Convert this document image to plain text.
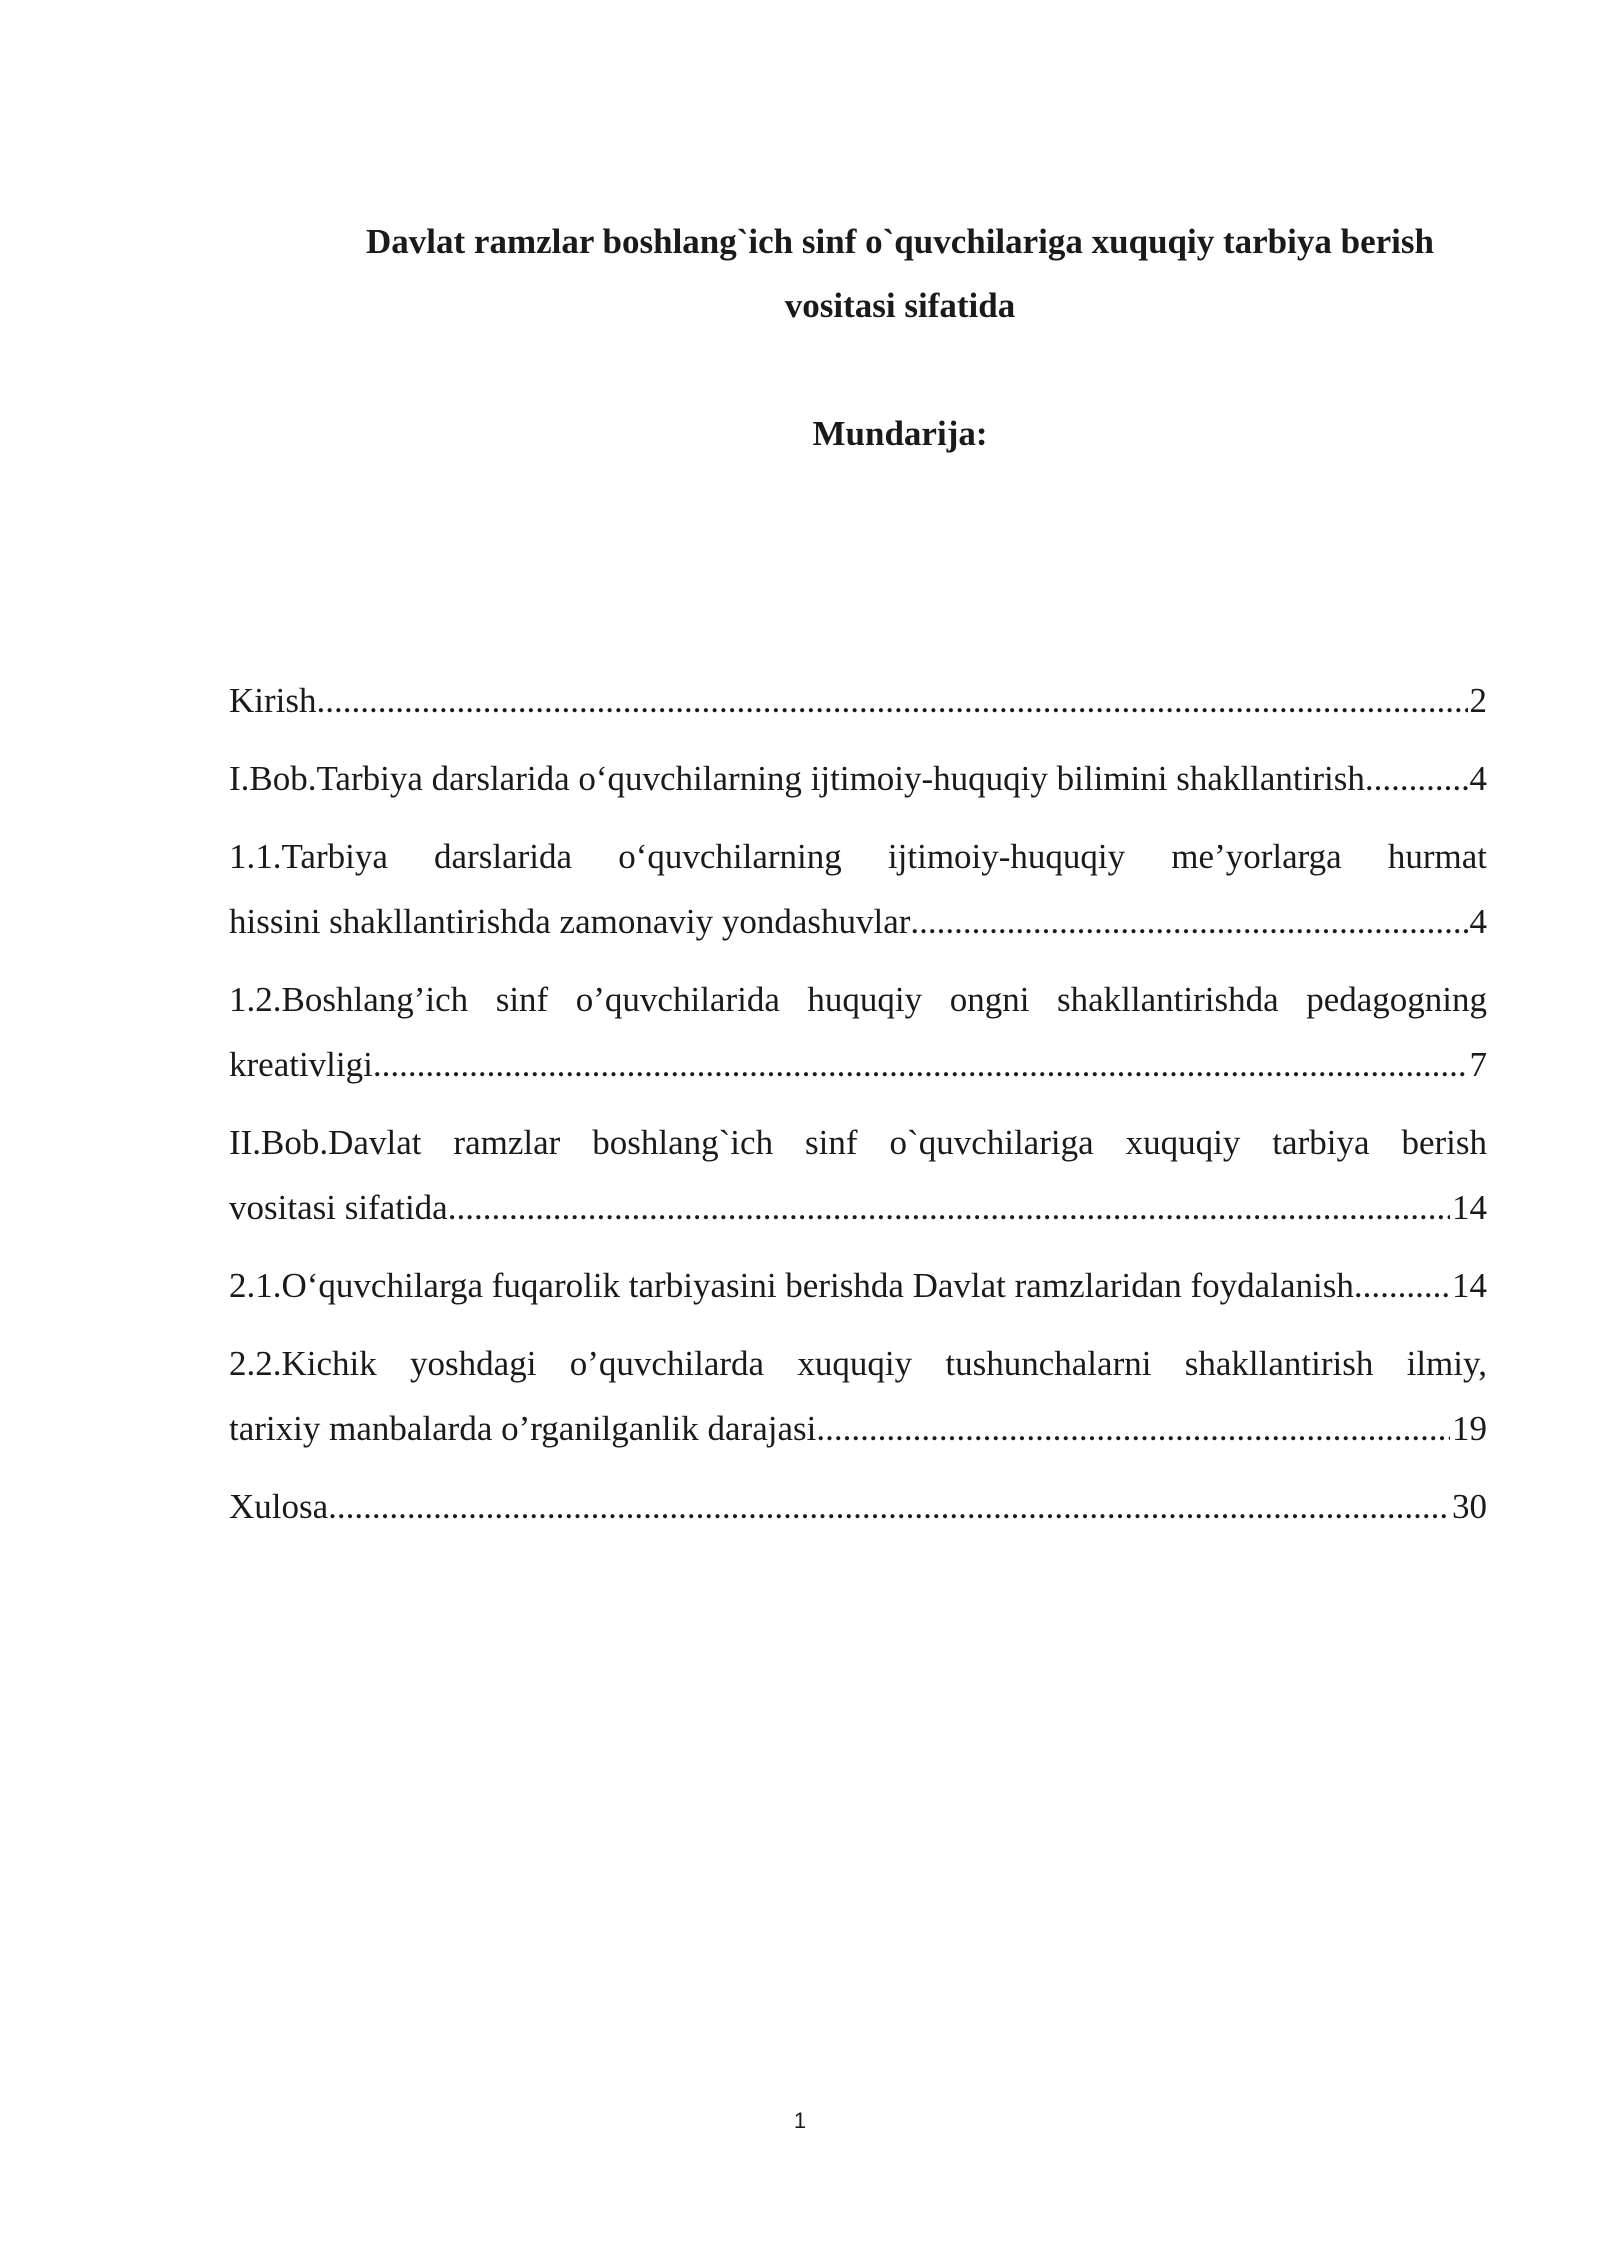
Davlat ramzlar boshlang`ich sinf o`quvchilariga xuquqiy tarbiya berish
vositasi sifatida
Mundarija:
Kirish .....	2
I.Bob.Tarbiya darslarida o‘quvchilarning ijtimoiy-huquqiy bilimini shakllantirish. .....	4
1.1.Tarbiya darslarida o‘quvchilarning ijtimoiy-huquqiy me’yorlarga hurmat
hissini shakllantirishda zamonaviy yondashuvlar .....	4
1.2.Boshlang’ich sinf o’quvchilarida huquqiy ongni shakllantirishda pedagogning
kreativligi .....	7
II.Bob.Davlat ramzlar boshlang`ich sinf o`quvchilariga xuquqiy tarbiya berish
vositasi sifatida .....	14
2.1.O‘quvchilarga fuqarolik tarbiyasini berishda Davlat ramzlaridan foydalanish. .....	14
2.2.Kichik yoshdagi o’quvchilarda xuquqiy tushunchalarni shakllantirish ilmiy,
tarixiy manbalarda o’rganilganlik darajasi .....	19
Xulosa .....	30
1
